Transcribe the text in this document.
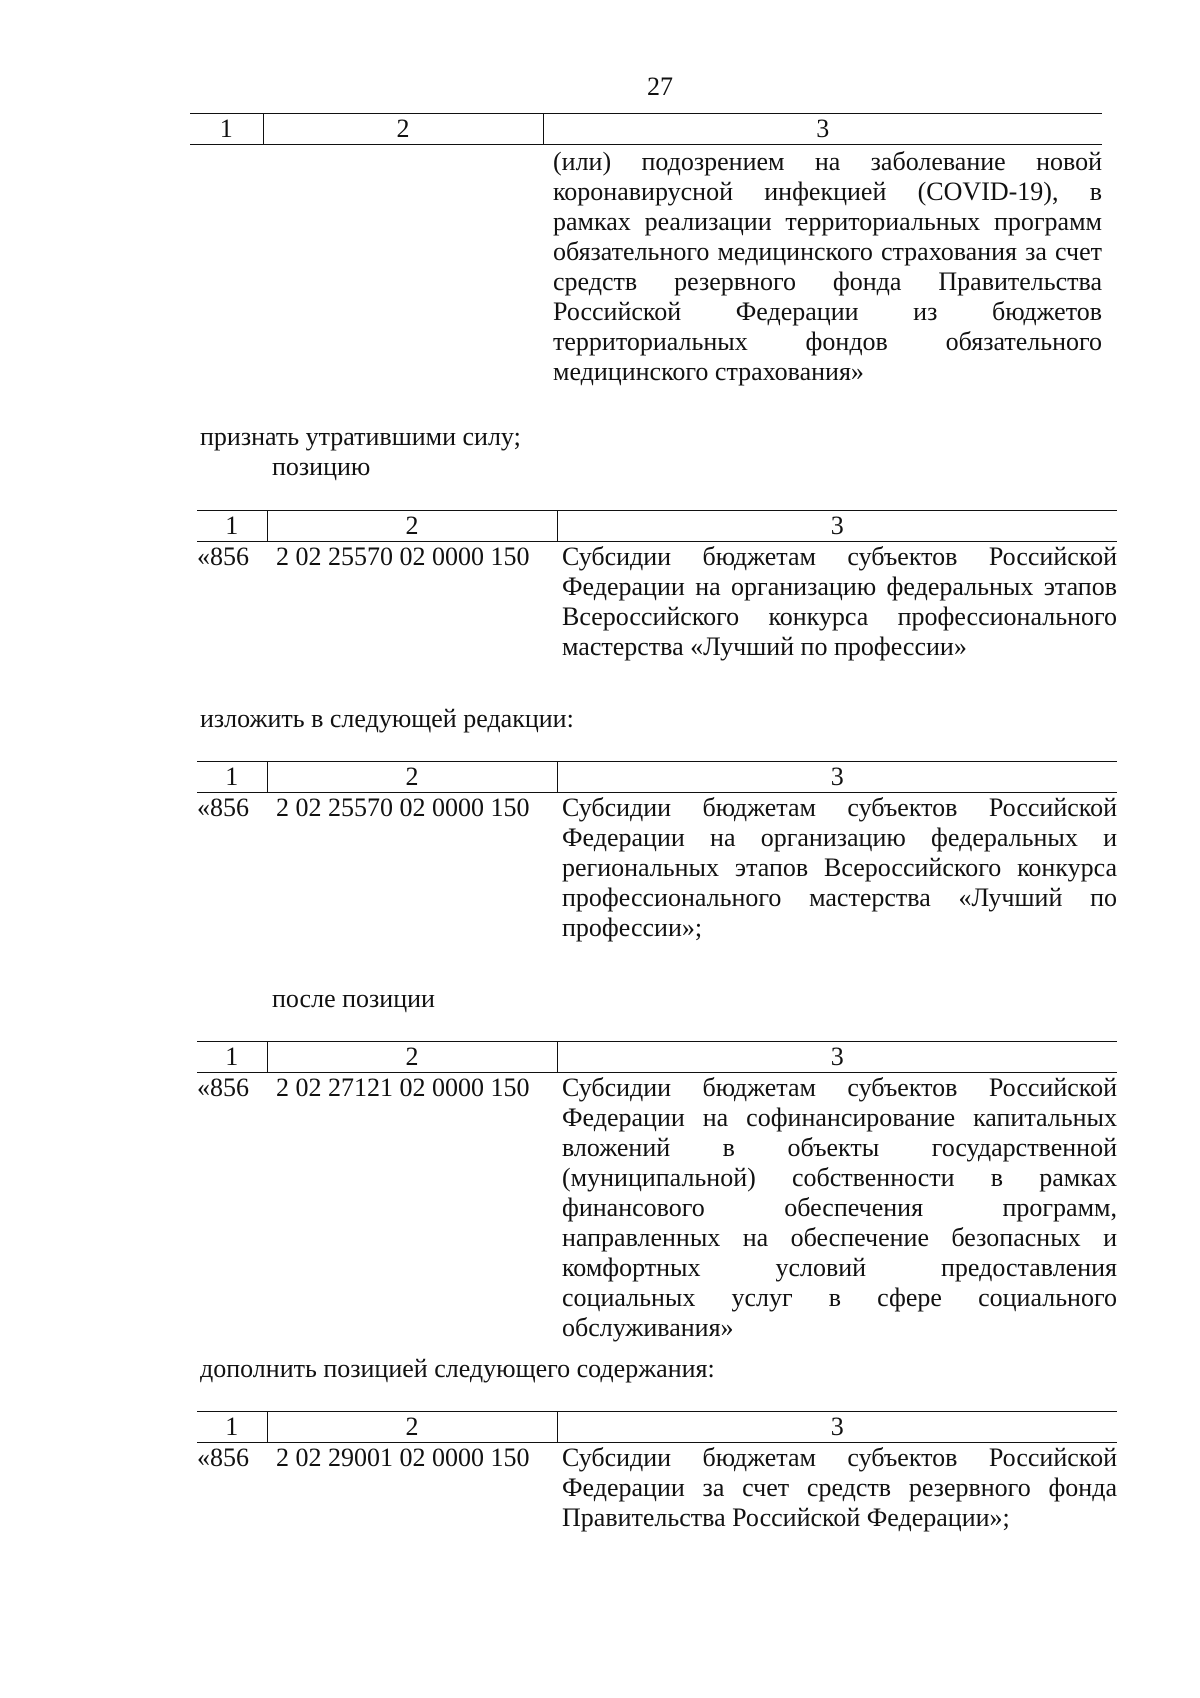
27
1	2	3
		(или) подозрением на заболевание новой коронавирусной инфекцией (COVID-19), в рамках реализации территориальных программ обязательного медицинского страхования за счет средств резервного фонда Правительства Российской Федерации из бюджетов территориальных фондов обязательного медицинского страхования»
признать утратившими силу;
позицию
1	2	3
«856	2 02 25570 02 0000 150	Субсидии бюджетам субъектов Российской Федерации на организацию федеральных этапов Всероссийского конкурса профессионального мастерства «Лучший по профессии»
изложить в следующей редакции:
1	2	3
«856	2 02 25570 02 0000 150	Субсидии бюджетам субъектов Российской Федерации на организацию федеральных и региональных этапов Всероссийского конкурса профессионального мастерства «Лучший по профессии»;
после позиции
1	2	3
«856	2 02 27121 02 0000 150	Субсидии бюджетам субъектов Российской Федерации на софинансирование капитальных вложений в объекты государственной (муниципальной) собственности в рамках финансового обеспечения программ, направленных на обеспечение безопасных и комфортных условий предоставления социальных услуг в сфере социального обслуживания»
дополнить позицией следующего содержания:
1	2	3
«856	2 02 29001 02 0000 150	Субсидии бюджетам субъектов Российской Федерации за счет средств резервного фонда Правительства Российской Федерации»;
